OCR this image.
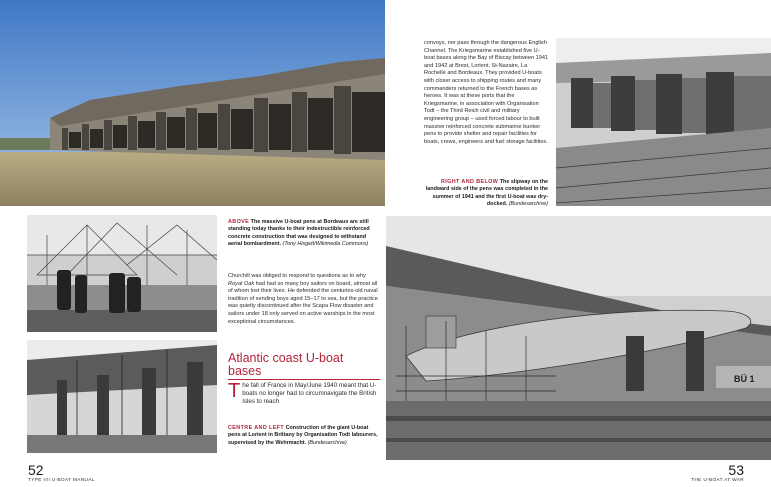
ABOVE The massive U-boat pens at Bordeaux are still standing today thanks to their indestructible reinforced concrete construction that was designed to withstand aerial bombardment. (Tony Hisgett/Wikimedia Commons)
Churchill was obliged to respond to questions as to why Royal Oak had had so many boy sailors on board, almost all of whom lost their lives. He defended the centuries-old naval tradition of sending boys aged 15–17 to sea, but the practice was quietly discontinued after the Scapa Flow disaster and sailors under 18 only served on active warships in the most exceptional circumstances.
Atlantic coast U-boat bases
The fall of France in May/June 1940 meant that U-boats no longer had to circumnavigate the British Isles to reach
CENTRE AND LEFT Construction of the giant U-boat pens at Lorient in Brittany by Organisation Todt labourers, supervised by the Wehrmacht. (Bundesarchive)
52
TYPE VII U-BOAT MANUAL
convoys, nor pass through the dangerous English Channel. The Kriegsmarine established five U-boat bases along the Bay of Biscay between 1941 and 1942 at Brest, Lorient, St-Nazaire, La Rochelle and Bordeaux. They provided U-boats with closer access to shipping routes and many commanders returned to the French bases as heroes. It was at these ports that the Kriegsmarine, in association with Organisation Todt – the Third Reich civil and military engineering group – used forced labour to built massive reinforced concrete submarine bunker pens to provide shelter and repair facilities for boats, crews, engineers and fuel storage facilities.
RIGHT AND BELOW The slipway on the landward side of the pens was completed in the summer of 1941 and the first U-boat was dry-docked. (Bundesarchive)
BÜ 1
53
THE U-BOAT AT WAR
